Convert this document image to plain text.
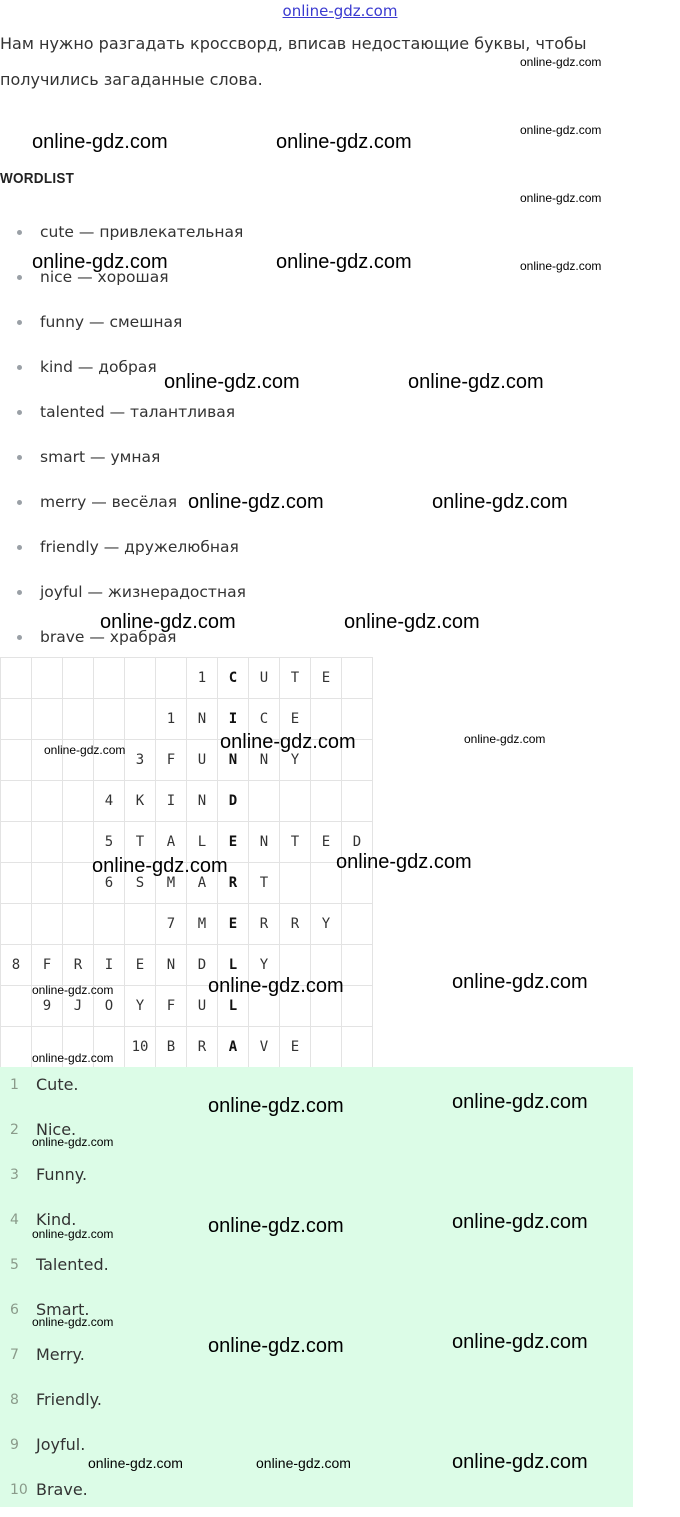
online-gdz.com
Нам нужно разгадать кроссворд, вписав недостающие буквы, чтобы получились загаданные слова.
WORDLIST
cute — привлекательная
nice — хорошая
funny — смешная
kind — добрая
talented — талантливая
smart — умная
merry — весёлая
friendly — дружелюбная
joyful — жизнерадостная
brave — храбрая
						1	C	U	T	E	
					1	N	I	C	E		
				3	F	U	N	N	Y		
			4	K	I	N	D				
			5	T	A	L	E	N	T	E	D
			6	S	M	A	R	T			
					7	M	E	R	R	Y	
8	F	R	I	E	N	D	L	Y			
	9	J	O	Y	F	U	L				
				10	B	R	A	V	E		
1	Cute.
2	Nice.
3	Funny.
4	Kind.
5	Talented.
6	Smart.
7	Merry.
8	Friendly.
9	Joyful.
10 Brave.
online-gdz.com
online-gdz.com	online-gdz.com
online-gdz.com
online-gdz.com
online-gdz.com	online-gdz.com	online-gdz.com
online-gdz.com	online-gdz.com
online-gdz.com	online-gdz.com
online-gdz.com	online-gdz.com
online-gdz.com	online-gdz.com	online-gdz.com
online-gdz.com	online-gdz.com
online-gdz.com	online-gdz.com	online-gdz.com
online-gdz.com
online-gdz.com	online-gdz.com
online-gdz.com
online-gdz.com	online-gdz.com
online-gdz.com
online-gdz.com
online-gdz.com	online-gdz.com
online-gdz.com	online-gdz.com	online-gdz.com
